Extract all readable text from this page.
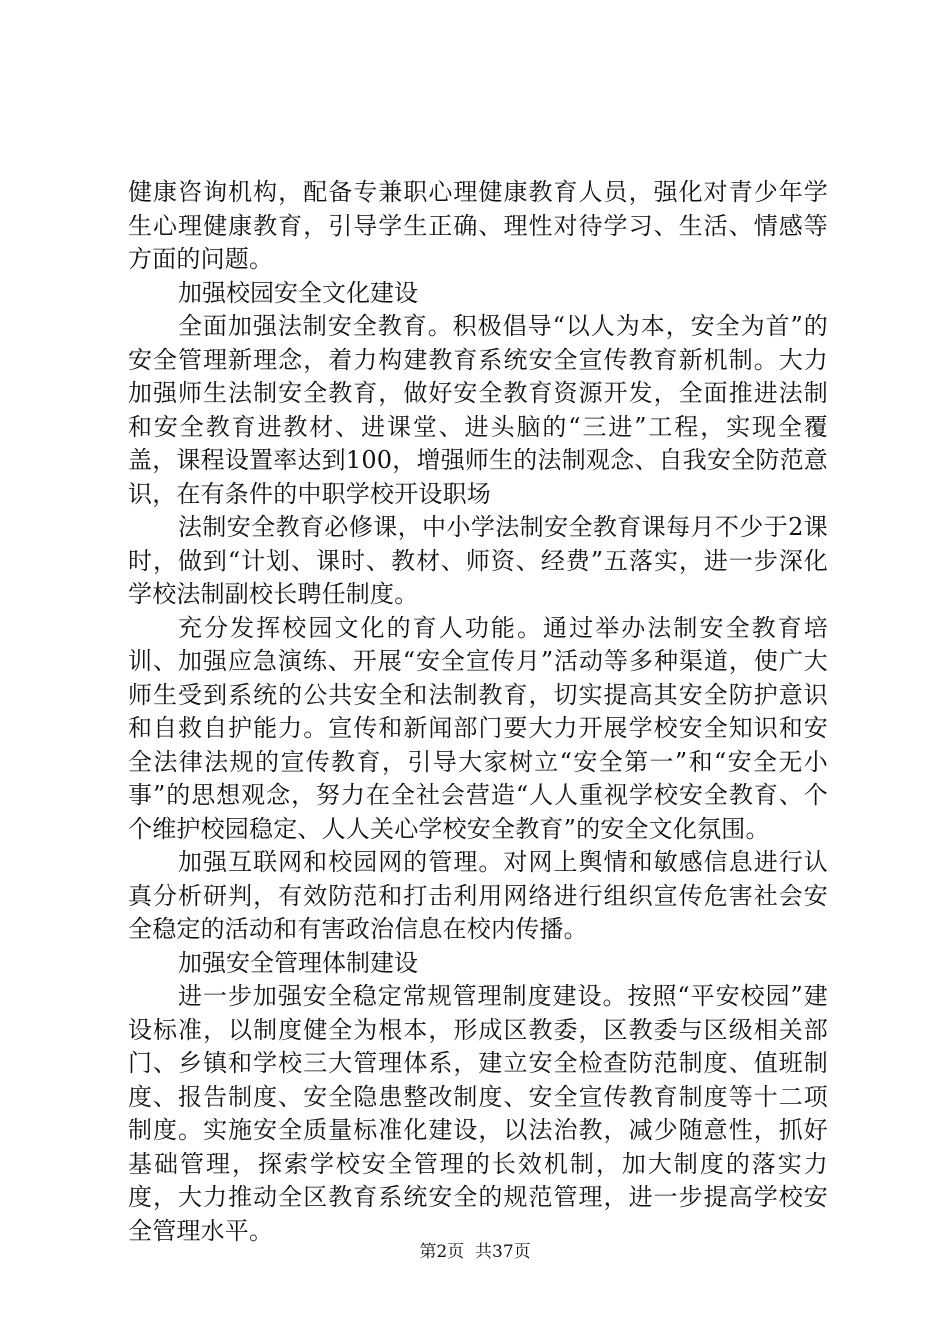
健康咨询机构，配备专兼职心理健康教育人员，强化对青少年学生心理健康教育，引导学生正确、理性对待学习、生活、情感等方面的问题。

加强校园安全文化建设

全面加强法制安全教育。积极倡导“以人为本，安全为首”的安全管理新理念，着力构建教育系统安全宣传教育新机制。大力加强师生法制安全教育，做好安全教育资源开发，全面推进法制和安全教育进教材、进课堂、进头脑的“三进”工程，实现全覆盖，课程设置率达到100，增强师生的法制观念、自我安全防范意识，在有条件的中职学校开设职场

法制安全教育必修课，中小学法制安全教育课每月不少于2课时，做到“计划、课时、教材、师资、经费”五落实，进一步深化学校法制副校长聘任制度。

充分发挥校园文化的育人功能。通过举办法制安全教育培训、加强应急演练、开展“安全宣传月”活动等多种渠道，使广大师生受到系统的公共安全和法制教育，切实提高其安全防护意识和自救自护能力。宣传和新闻部门要大力开展学校安全知识和安全法律法规的宣传教育，引导大家树立“安全第一”和“安全无小事”的思想观念，努力在全社会营造“人人重视学校安全教育、个个维护校园稳定、人人关心学校安全教育”的安全文化氛围。

加强互联网和校园网的管理。对网上舆情和敏感信息进行认真分析研判，有效防范和打击利用网络进行组织宣传危害社会安全稳定的活动和有害政治信息在校内传播。

加强安全管理体制建设

进一步加强安全稳定常规管理制度建设。按照“平安校园”建设标准，以制度健全为根本，形成区教委，区教委与区级相关部门、乡镇和学校三大管理体系，建立安全检查防范制度、值班制度、报告制度、安全隐患整改制度、安全宣传教育制度等十二项制度。实施安全质量标准化建设，以法治教，减少随意性，抓好基础管理，探索学校安全管理的长效机制，加大制度的落实力度，大力推动全区教育系统安全的规范管理，进一步提高学校安全管理水平。

第2页 共37页
